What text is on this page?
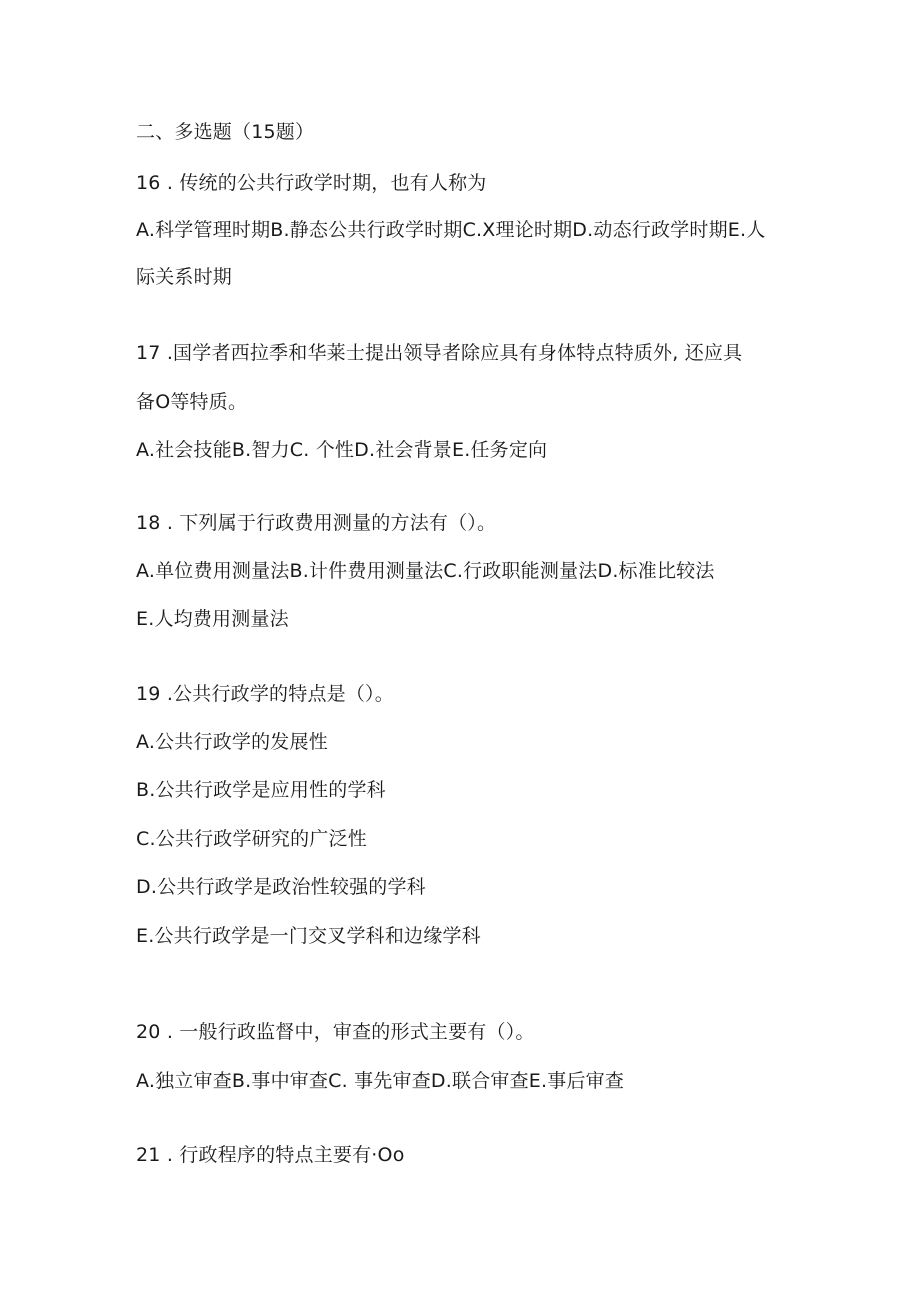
二、多选题（15题）
16 . 传统的公共行政学时期，也有人称为
A.科学管理时期B.静态公共行政学时期C.X理论时期D.动态行政学时期E.人
际关系时期
17 .国学者西拉季和华莱士提出领导者除应具有身体特点特质外, 还应具
备O等特质。
A.社会技能B.智力C. 个性D.社会背景E.任务定向
18 . 下列属于行政费用测量的方法有（）。
A.单位费用测量法B.计件费用测量法C.行政职能测量法D.标准比较法
E.人均费用测量法
19 .公共行政学的特点是（）。
A.公共行政学的发展性
B.公共行政学是应用性的学科
C.公共行政学研究的广泛性
D.公共行政学是政治性较强的学科
E.公共行政学是一门交叉学科和边缘学科
20 . 一般行政监督中，审查的形式主要有（）。
A.独立审查B.事中审查C. 事先审查D.联合审查E.事后审查
21 . 行政程序的特点主要有·Oo
